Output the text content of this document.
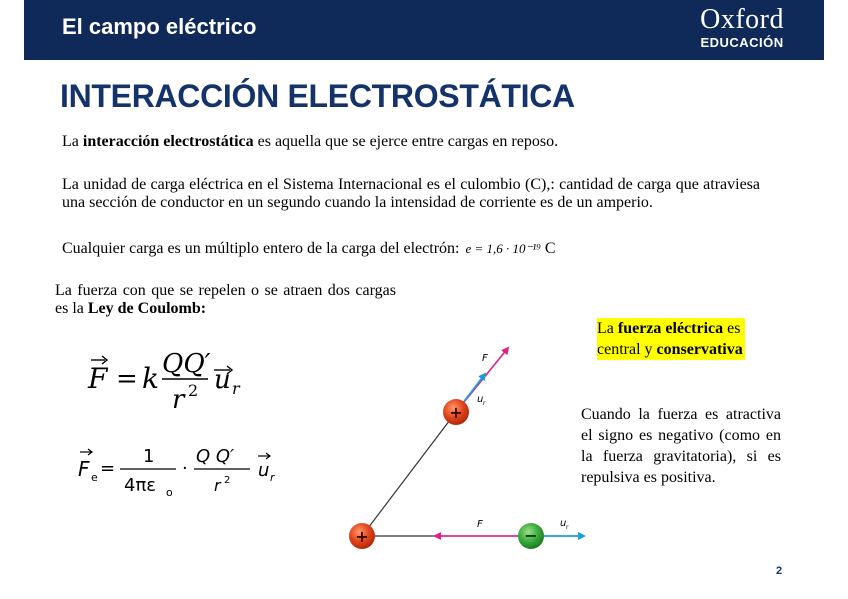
El campo eléctrico	Oxford
EDUCACIÓN
INTERACCIÓN ELECTROSTÁTICA
La interacción electrostática es aquella que se ejerce entre cargas en reposo.
La unidad de carga eléctrica en el Sistema Internacional es el culombio (C),: cantidad de carga que atraviesa una sección de conductor en un segundo cuando la intensidad de corriente es de un amperio.
Cualquier carga es un múltiplo entero de la carga del electrón: e = 1,6 · 10⁻¹⁹ C
La fuerza con que se repelen o se atraen dos cargas es la Ley de Coulomb:
La fuerza eléctrica es
central y conservativa
Cuando la fuerza es atractiva el signo es negativo (como en la fuerza gravitatoria), si es repulsiva es positiva.
F = k QQ′
r 2 u r
F e =
1
4πε o
·
Q Q′
r 2 u r
F
u r
F	u r
+
+
−
2
